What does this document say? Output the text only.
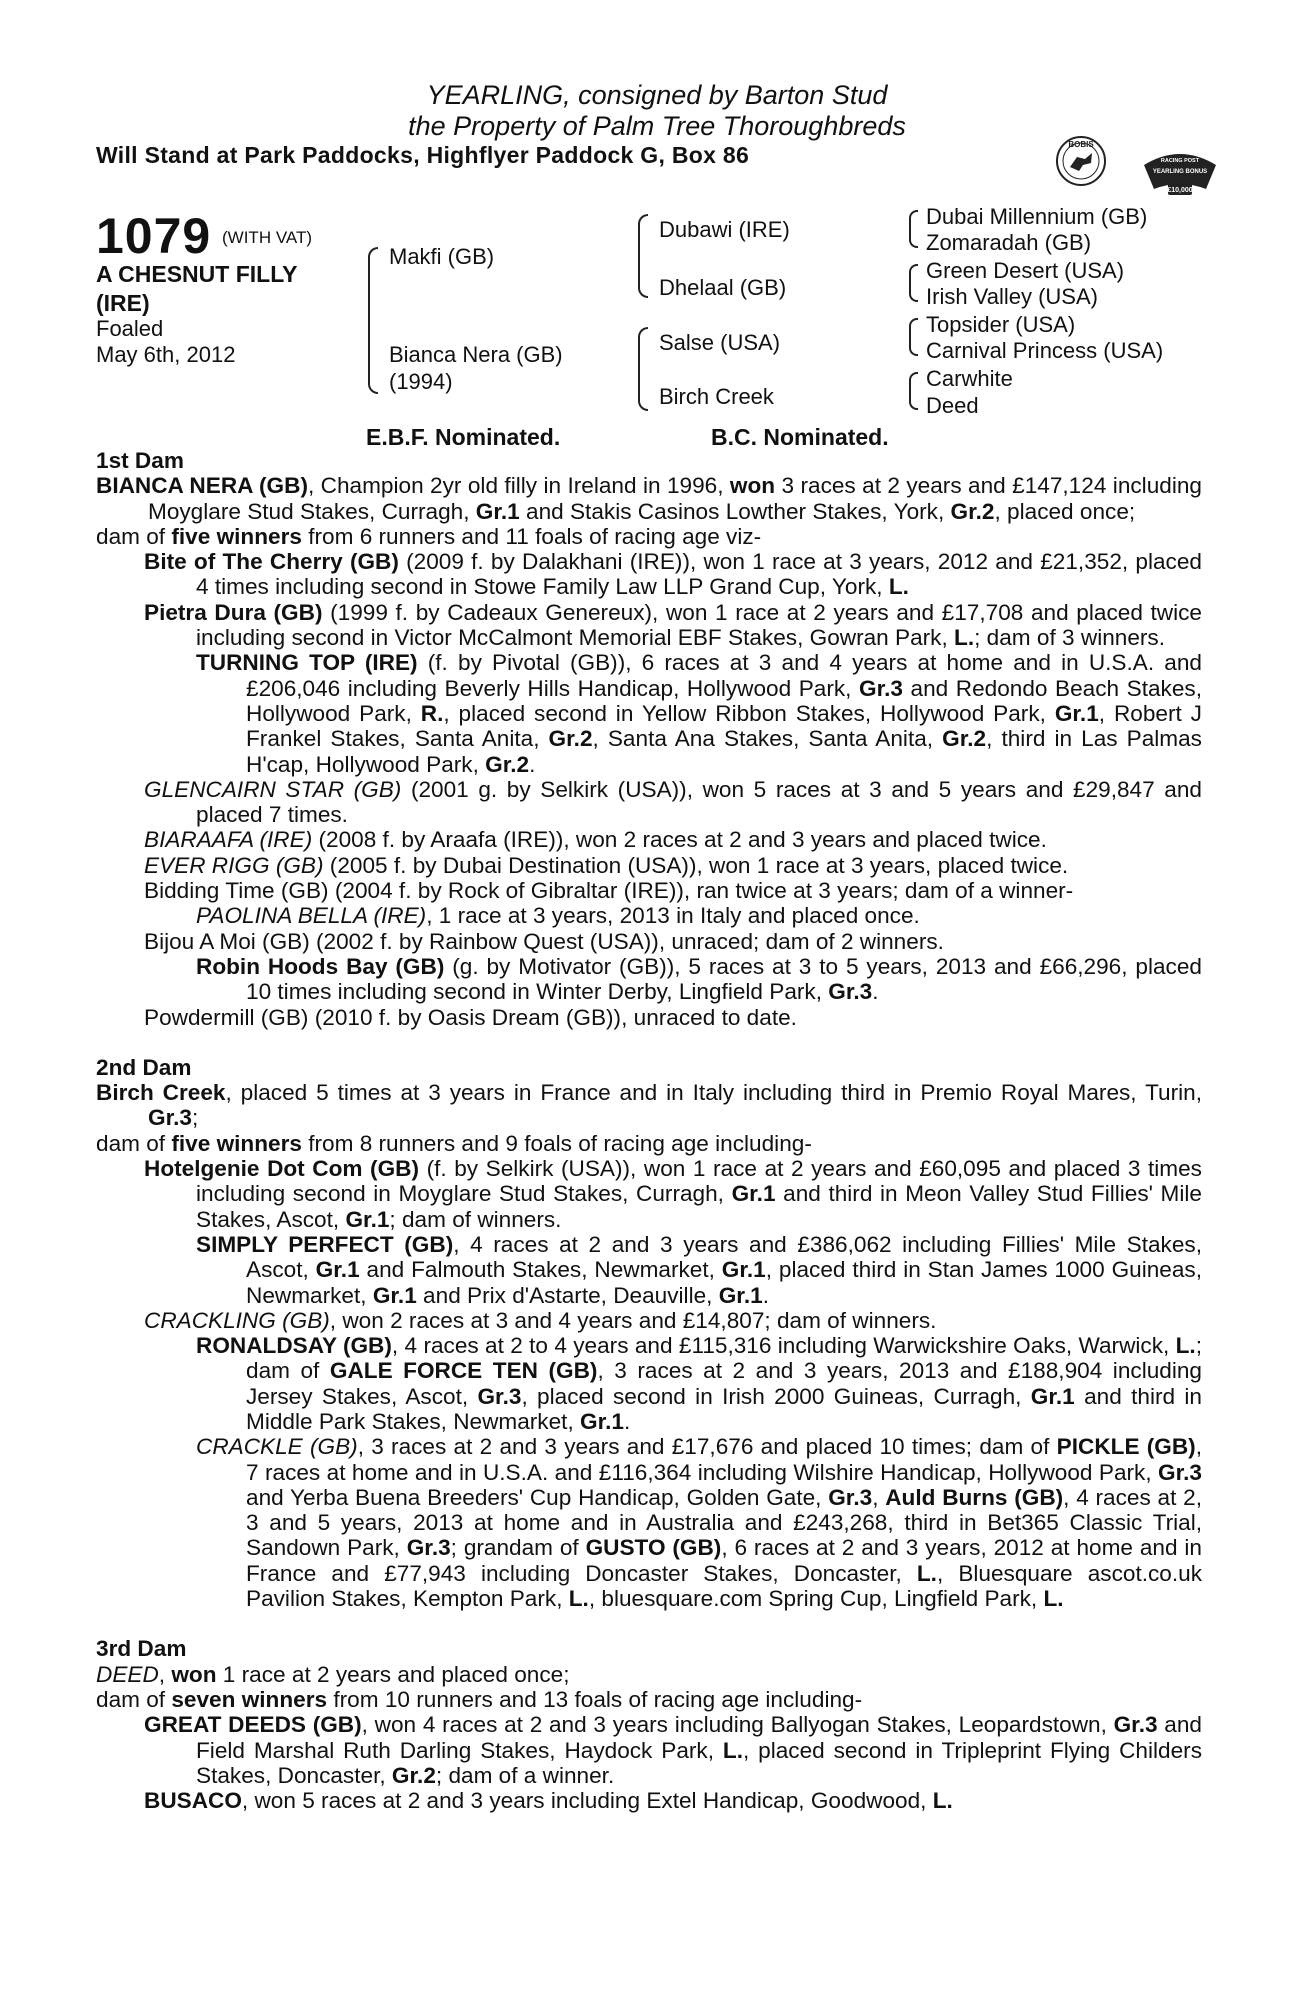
YEARLING, consigned by Barton Stud
the Property of Palm Tree Thoroughbreds
Will Stand at Park Paddocks, Highflyer Paddock G, Box 86	BOBIS
RACING POST
YEARLING BONUS
£10,000
1079 (WITH VAT)
A CHESNUT FILLY
(IRE)
Foaled
May 6th, 2012
Makfi (GB)
Bianca Nera (GB)
(1994)
Dubawi (IRE)
Dhelaal (GB)
Salse (USA)
Birch Creek
Dubai Millennium (GB)
Zomaradah (GB)
Green Desert (USA)
Irish Valley (USA)
Topsider (USA)
Carnival Princess (USA)
Carwhite
Deed
E.B.F. Nominated.	B.C. Nominated.
1st Dam
BIANCA NERA (GB), Champion 2yr old filly in Ireland in 1996, won 3 races at 2 years and £147,124 including Moyglare Stud Stakes, Curragh, Gr.1 and Stakis Casinos Lowther Stakes, York, Gr.2, placed once;
dam of five winners from 6 runners and 11 foals of racing age viz-
Bite of The Cherry (GB) (2009 f. by Dalakhani (IRE)), won 1 race at 3 years, 2012 and £21,352, placed 4 times including second in Stowe Family Law LLP Grand Cup, York, L.
Pietra Dura (GB) (1999 f. by Cadeaux Genereux), won 1 race at 2 years and £17,708 and placed twice including second in Victor McCalmont Memorial EBF Stakes, Gowran Park, L.; dam of 3 winners.
TURNING TOP (IRE) (f. by Pivotal (GB)), 6 races at 3 and 4 years at home and in U.S.A. and £206,046 including Beverly Hills Handicap, Hollywood Park, Gr.3 and Redondo Beach Stakes, Hollywood Park, R., placed second in Yellow Ribbon Stakes, Hollywood Park, Gr.1, Robert J Frankel Stakes, Santa Anita, Gr.2, Santa Ana Stakes, Santa Anita, Gr.2, third in Las Palmas H'cap, Hollywood Park, Gr.2.
GLENCAIRN STAR (GB) (2001 g. by Selkirk (USA)), won 5 races at 3 and 5 years and £29,847 and placed 7 times.
BIARAAFA (IRE) (2008 f. by Araafa (IRE)), won 2 races at 2 and 3 years and placed twice.
EVER RIGG (GB) (2005 f. by Dubai Destination (USA)), won 1 race at 3 years, placed twice.
Bidding Time (GB) (2004 f. by Rock of Gibraltar (IRE)), ran twice at 3 years; dam of a winner-
PAOLINA BELLA (IRE), 1 race at 3 years, 2013 in Italy and placed once.
Bijou A Moi (GB) (2002 f. by Rainbow Quest (USA)), unraced; dam of 2 winners.
Robin Hoods Bay (GB) (g. by Motivator (GB)), 5 races at 3 to 5 years, 2013 and £66,296, placed 10 times including second in Winter Derby, Lingfield Park, Gr.3.
Powdermill (GB) (2010 f. by Oasis Dream (GB)), unraced to date.
2nd Dam
Birch Creek, placed 5 times at 3 years in France and in Italy including third in Premio Royal Mares, Turin, Gr.3;
dam of five winners from 8 runners and 9 foals of racing age including-
Hotelgenie Dot Com (GB) (f. by Selkirk (USA)), won 1 race at 2 years and £60,095 and placed 3 times including second in Moyglare Stud Stakes, Curragh, Gr.1 and third in Meon Valley Stud Fillies' Mile Stakes, Ascot, Gr.1; dam of winners.
SIMPLY PERFECT (GB), 4 races at 2 and 3 years and £386,062 including Fillies' Mile Stakes, Ascot, Gr.1 and Falmouth Stakes, Newmarket, Gr.1, placed third in Stan James 1000 Guineas, Newmarket, Gr.1 and Prix d'Astarte, Deauville, Gr.1.
CRACKLING (GB), won 2 races at 3 and 4 years and £14,807; dam of winners.
RONALDSAY (GB), 4 races at 2 to 4 years and £115,316 including Warwickshire Oaks, Warwick, L.; dam of GALE FORCE TEN (GB), 3 races at 2 and 3 years, 2013 and £188,904 including Jersey Stakes, Ascot, Gr.3, placed second in Irish 2000 Guineas, Curragh, Gr.1 and third in Middle Park Stakes, Newmarket, Gr.1.
CRACKLE (GB), 3 races at 2 and 3 years and £17,676 and placed 10 times; dam of PICKLE (GB), 7 races at home and in U.S.A. and £116,364 including Wilshire Handicap, Hollywood Park, Gr.3 and Yerba Buena Breeders' Cup Handicap, Golden Gate, Gr.3, Auld Burns (GB), 4 races at 2, 3 and 5 years, 2013 at home and in Australia and £243,268, third in Bet365 Classic Trial, Sandown Park, Gr.3; grandam of GUSTO (GB), 6 races at 2 and 3 years, 2012 at home and in France and £77,943 including Doncaster Stakes, Doncaster, L., Bluesquare ascot.co.uk Pavilion Stakes, Kempton Park, L., bluesquare.com Spring Cup, Lingfield Park, L.
3rd Dam
DEED, won 1 race at 2 years and placed once;
dam of seven winners from 10 runners and 13 foals of racing age including-
GREAT DEEDS (GB), won 4 races at 2 and 3 years including Ballyogan Stakes, Leopardstown, Gr.3 and Field Marshal Ruth Darling Stakes, Haydock Park, L., placed second in Tripleprint Flying Childers Stakes, Doncaster, Gr.2; dam of a winner.
BUSACO, won 5 races at 2 and 3 years including Extel Handicap, Goodwood, L.
